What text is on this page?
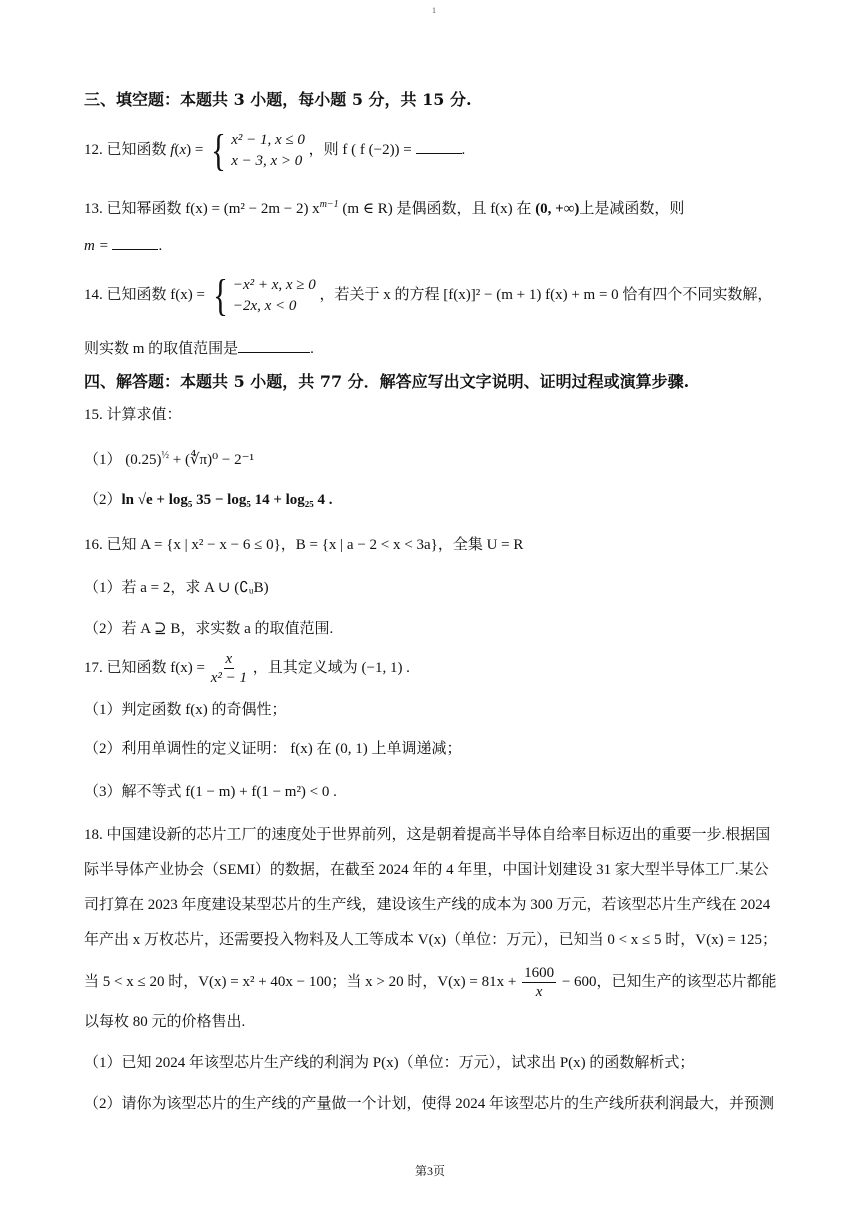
1
三、填空题：本题共 3 小题，每小题 5 分，共 15 分.
12. 已知函数 f(x) = { x² − 1, x ≤ 0
x − 3, x > 0
，则 f ( f (−2)) =	.
13. 已知幂函数 f(x) = (m² − 2m − 2) $x^{m-1}$ (m ∈ R) 是偶函数，且 f(x) 在 (0, +∞)上是减函数，则
m =	.
14. 已知函数 f(x) = { −x² + x, x ≥ 0
−2x, x < 0
，若关于 x 的方程 [f(x)]² − (m + 1) f(x) + m = 0 恰有四个不同实数解，
则实数 m 的取值范围是	.
四、解答题：本题共 5 小题，共 77 分．解答应写出文字说明、证明过程或演算步骤.
15. 计算求值：
（1） $(0.25)^{\frac{1}{2}}$ + (∜π)⁰ − 2⁻¹
（2）ln √e + log₅ 35 − log₅ 14 + log₂₅ 4 .
16. 已知 A = {x | x² − x − 6 ≤ 0}，B = {x | a − 2 < x < 3a}，全集 U = R
（1）若 a = 2，求 A ∪ (∁ᵤB)
（2）若 A ⊇ B，求实数 a 的取值范围.
17. 已知函数 $f(x) = \frac{x}{\text{x² − 1}}$ ，且其定义域为 (−1, 1) .
（1）判定函数 f(x) 的奇偶性；
（2）利用单调性的定义证明： f(x) 在 (0, 1) 上单调递减；
（3）解不等式 f(1 − m) + f(1 − m²) < 0 .
18. 中国建设新的芯片工厂的速度处于世界前列，这是朝着提高半导体自给率目标迈出的重要一步.根据国
际半导体产业协会（SEMI）的数据，在截至 2024 年的 4 年里，中国计划建设 31 家大型半导体工厂.某公
司打算在 2023 年度建设某型芯片的生产线，建设该生产线的成本为 300 万元，若该型芯片生产线在 2024
年产出 x 万枚芯片，还需要投入物料及人工等成本 V(x)（单位：万元），已知当 0 < x ≤ 5 时，V(x) = 125；
当 5 < x ≤ 20 时，V(x) = x² + 40x − 100；当 x > 20 时，$V(x) = 81x + \frac{1600}{x} - 600$，已知生产的该型芯片都能
以每枚 80 元的价格售出.
（1）已知 2024 年该型芯片生产线的利润为 P(x)（单位：万元），试求出 P(x) 的函数解析式；
（2）请你为该型芯片的生产线的产量做一个计划，使得 2024 年该型芯片的生产线所获利润最大，并预测
第3页
